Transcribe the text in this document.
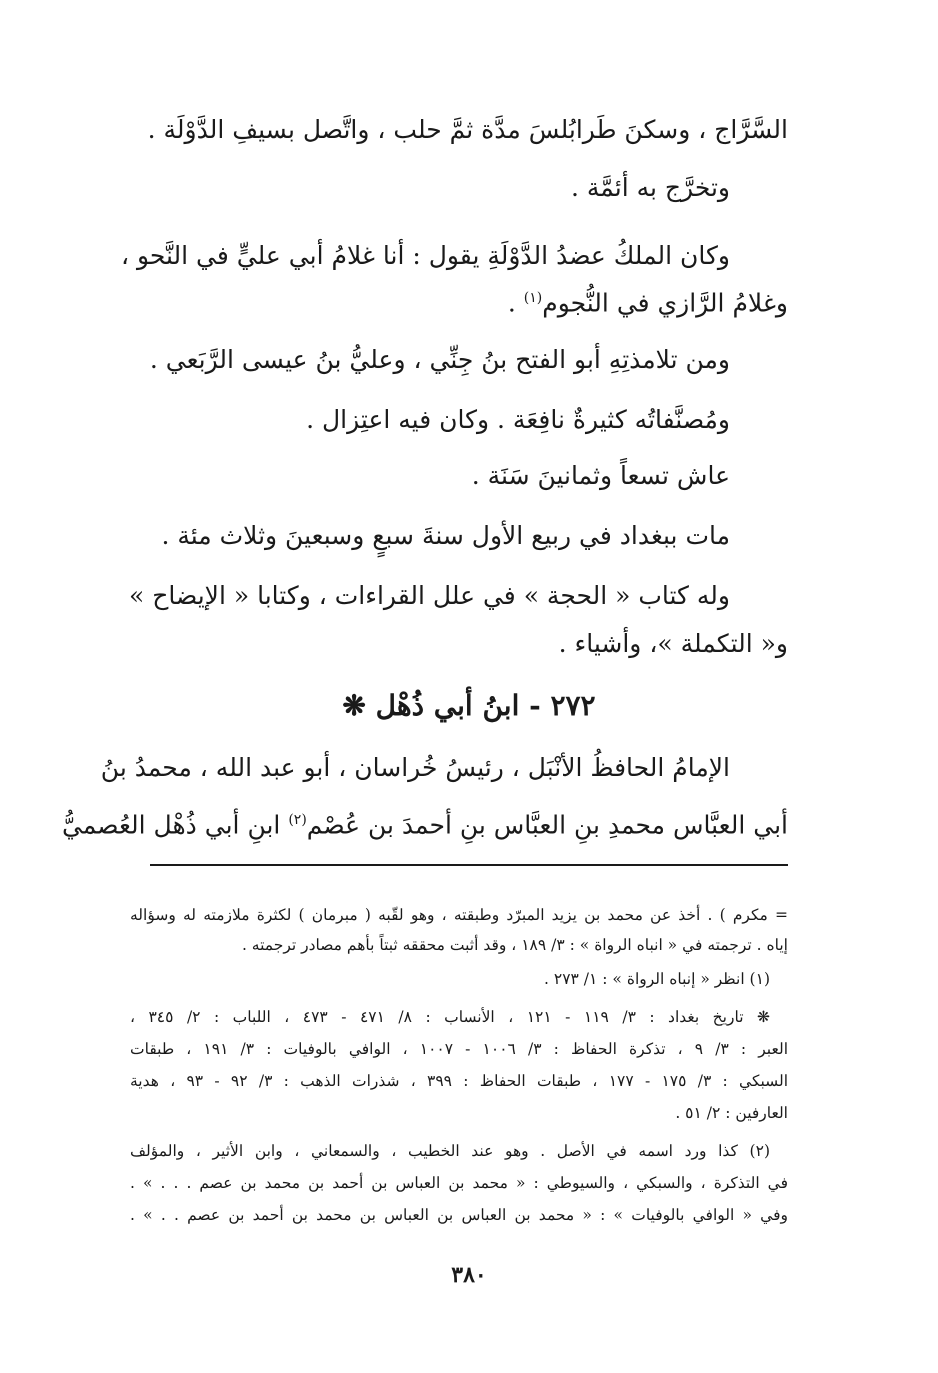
السَّرَّاج ، وسكنَ طَرابُلسَ مدَّة ثمَّ حلب ، واتَّصل بسيفِ الدَّوْلَة .
وتخرَّج به أئمَّة .
وكان الملكُ عضدُ الدَّوْلَةِ يقول : أنا غلامُ أبي عليٍّ في النَّحو ،
وغلامُ الرَّازي في النُّجوم$^{(١)}$ .
ومن تلامذتِهِ أبو الفتح بنُ جِنِّي ، وعليُّ بنُ عيسى الرَّبَعي .
ومُصنَّفاتُه كثيرةٌ نافِعَة . وكان فيه اعتِزال .
عاش تسعاً وثمانينَ سَنَة .
مات ببغداد في ربيع الأول سنةَ سبعٍ وسبعينَ وثلاث مئة .
وله كتاب « الحجة » في علل القراءات ، وكتابا « الإيضاح »
و« التكملة »، وأشياء .
٢٧٢ - ابنُ أبي ذُهْل ❋
الإمامُ الحافظُ الأنْبَل ، رئيسُ خُراسان ، أبو عبد الله ، محمدُ بنُ
أبي العبَّاس محمدِ بنِ العبَّاس بنِ أحمدَ بن عُصْم$^{(٢)}$ ابنِ أبي ذُهْل العُصميُّ
= مكرم ) . أخذ عن محمد بن يزيد المبرّد وطبقته ، وهو لقّبه ( مبرمان ) لكثرة ملازمته له وسؤاله
إياه . ترجمته في « انباه الرواة » : ٣/ ١٨٩ ، وقد أثبت محققه ثبتاً بأهم مصادر ترجمته .
(١) انظر « إنباه الرواة » : ١/ ٢٧٣ .
❋ تاريخ بغداد : ٣/ ١١٩ - ١٢١ ، الأنساب : ٨/ ٤٧١ - ٤٧٣ ، اللباب : ٢/ ٣٤٥ ،
العبر : ٣/ ٩ ، تذكرة الحفاظ : ٣/ ١٠٠٦ - ١٠٠٧ ، الوافي بالوفيات : ٣/ ١٩١ ، طبقات
السبكي : ٣/ ١٧٥ - ١٧٧ ، طبقات الحفاظ : ٣٩٩ ، شذرات الذهب : ٣/ ٩٢ - ٩٣ ، هدية
العارفين : ٢/ ٥١ .
(٢) كذا ورد اسمه في الأصل . وهو عند الخطيب ، والسمعاني ، وابن الأثير ، والمؤلف
في التذكرة ، والسبكي ، والسيوطي : « محمد بن العباس بن أحمد بن محمد بن عصم . . . » .
وفي « الوافي بالوفيات » : « محمد بن العباس بن العباس بن محمد بن أحمد بن عصم . . » .
٣٨٠
